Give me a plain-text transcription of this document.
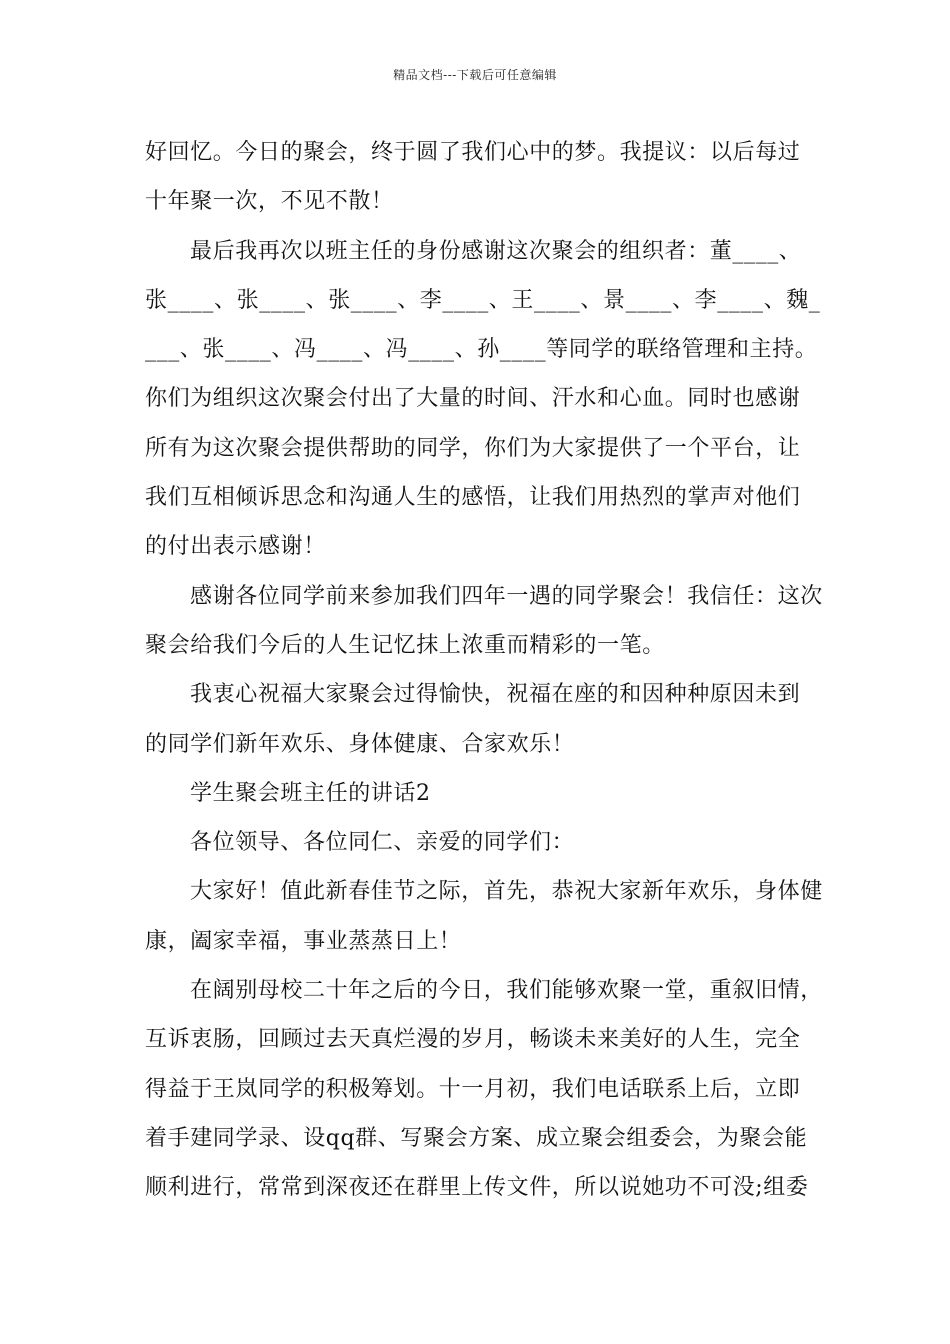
精品文档---下载后可任意编辑
好回忆。今日的聚会，终于圆了我们心中的梦。我提议：以后每过
十年聚一次，不见不散！
最后我再次以班主任的身份感谢这次聚会的组织者：董____、
张____、张____、张____、李____、王____、景____、李____、魏_
___、张____、冯____、冯____、孙____等同学的联络管理和主持。
你们为组织这次聚会付出了大量的时间、汗水和心血。同时也感谢
所有为这次聚会提供帮助的同学，你们为大家提供了一个平台，让
我们互相倾诉思念和沟通人生的感悟，让我们用热烈的掌声对他们
的付出表示感谢！
感谢各位同学前来参加我们四年一遇的同学聚会！我信任：这次
聚会给我们今后的人生记忆抹上浓重而精彩的一笔。
我衷心祝福大家聚会过得愉快，祝福在座的和因种种原因未到
的同学们新年欢乐、身体健康、合家欢乐！
学生聚会班主任的讲话2
各位领导、各位同仁、亲爱的同学们：
大家好！值此新春佳节之际，首先，恭祝大家新年欢乐，身体健
康，阖家幸福，事业蒸蒸日上！
在阔别母校二十年之后的今日，我们能够欢聚一堂，重叙旧情，
互诉衷肠，回顾过去天真烂漫的岁月，畅谈未来美好的人生，完全
得益于王岚同学的积极筹划。十一月初，我们电话联系上后，立即
着手建同学录、设qq群、写聚会方案、成立聚会组委会，为聚会能
顺利进行，常常到深夜还在群里上传文件，所以说她功不可没;组委
